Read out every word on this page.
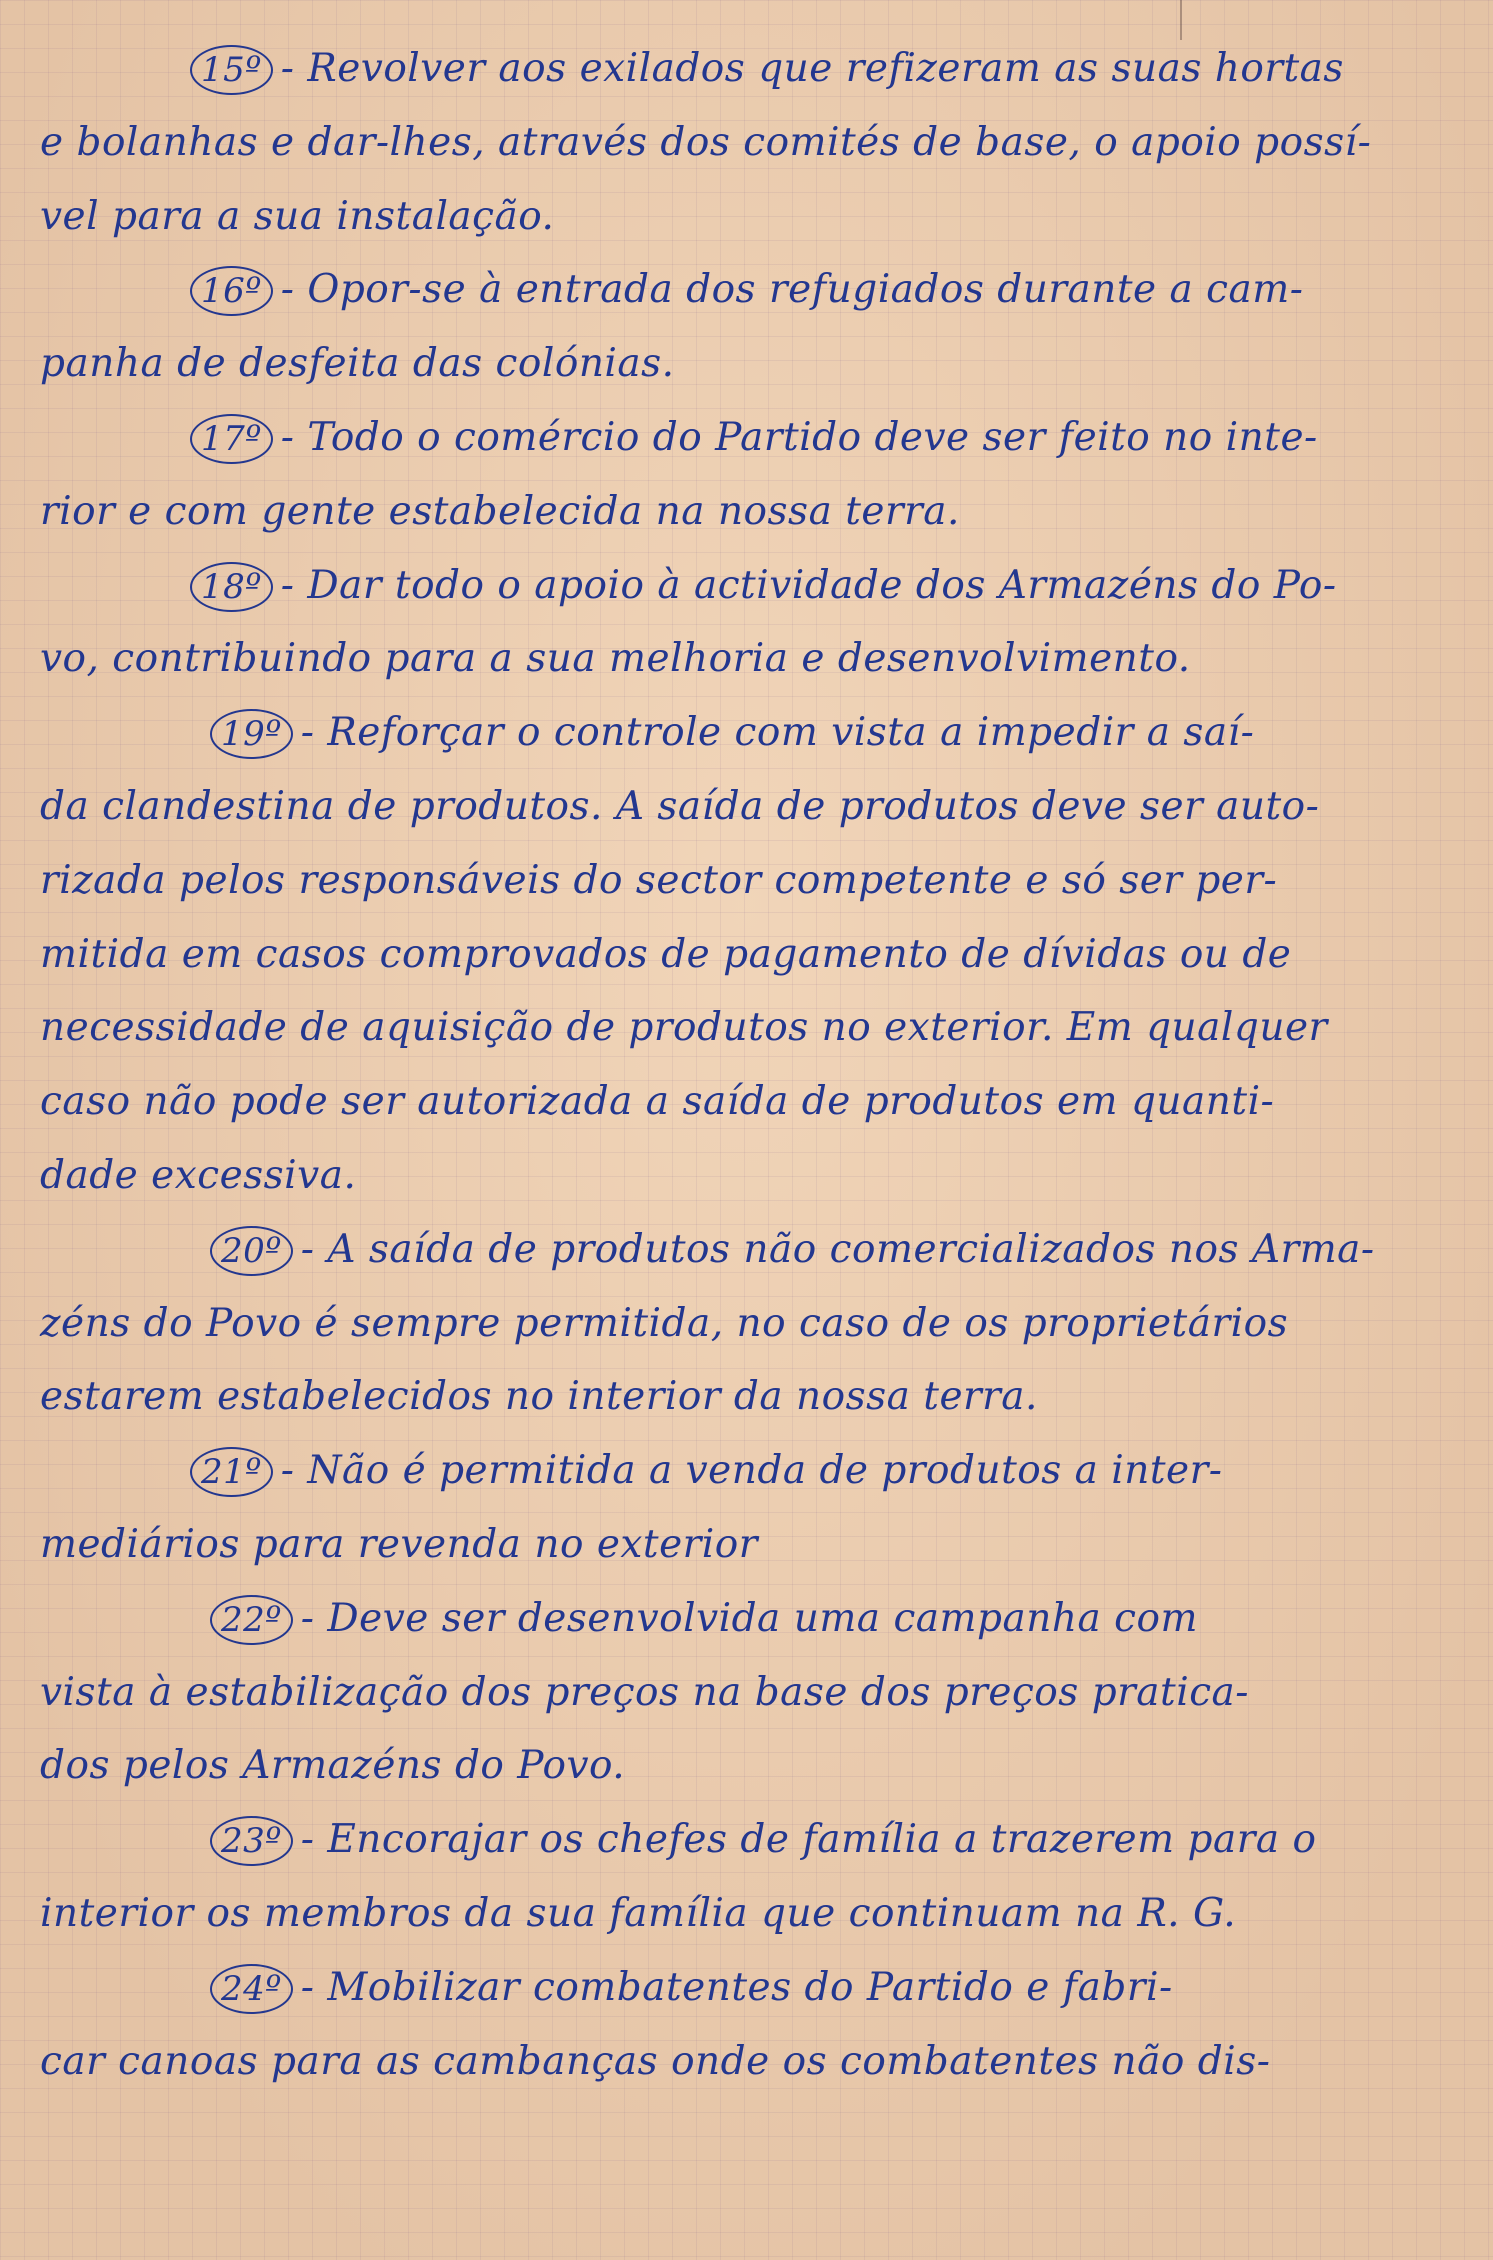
15º - Revolver aos exilados que refizeram as suas hortas
e bolanhas e dar-lhes, através dos comités de base, o apoio possí-
vel para a sua instalação.
16º - Opor-se à entrada dos refugiados durante a cam-
panha de desfeita das colónias.
17º - Todo o comércio do Partido deve ser feito no inte-
rior e com gente estabelecida na nossa terra.
18º - Dar todo o apoio à actividade dos Armazéns do Po-
vo, contribuindo para a sua melhoria e desenvolvimento.
19º - Reforçar o controle com vista a impedir a saí-
da clandestina de produtos. A saída de produtos deve ser auto-
rizada pelos responsáveis do sector competente e só ser per-
mitida em casos comprovados de pagamento de dívidas ou de
necessidade de aquisição de produtos no exterior. Em qualquer
caso não pode ser autorizada a saída de produtos em quanti-
dade excessiva.
20º - A saída de produtos não comercializados nos Arma-
zéns do Povo é sempre permitida, no caso de os proprietários
estarem estabelecidos no interior da nossa terra.
21º - Não é permitida a venda de produtos a inter-
mediários para revenda no exterior
22º - Deve ser desenvolvida uma campanha com
vista à estabilização dos preços na base dos preços pratica-
dos pelos Armazéns do Povo.
23º - Encorajar os chefes de família a trazerem para o
interior os membros da sua família que continuam na R. G.
24º - Mobilizar combatentes do Partido e fabri-
car canoas para as cambanças onde os combatentes não dis-
